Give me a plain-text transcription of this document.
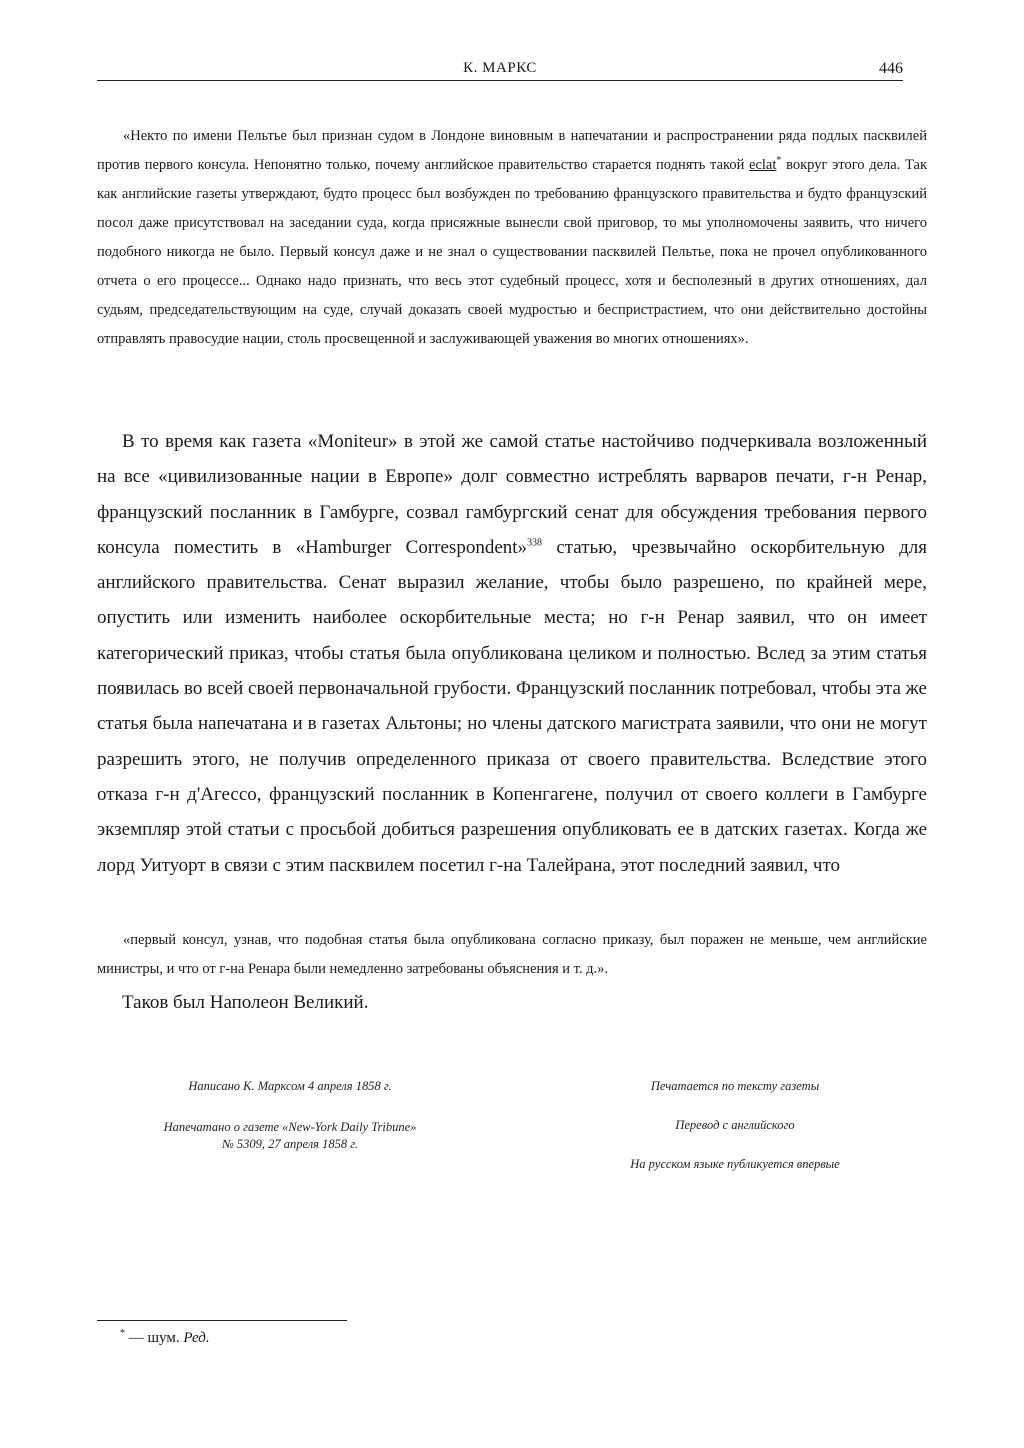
К. МАРКС	446

«Некто по имени Пельтье был признан судом в Лондоне виновным в напечатании и распространении ряда подлых пасквилей против первого консула. Непонятно только, почему английское правительство старается поднять такой eclat* вокруг этого дела. Так как английские газеты утверждают, будто процесс был возбужден по требованию французского правительства и будто французский посол даже присутствовал на заседании суда, когда присяжные вынесли свой приговор, то мы уполномочены заявить, что ничего подобного никогда не было. Первый консул даже и не знал о существовании пасквилей Пельтье, пока не прочел опубликованного отчета о его процессе... Однако надо признать, что весь этот судебный процесс, хотя и бесполезный в других отношениях, дал судьям, председательствующим на суде, случай доказать своей мудростью и беспристрастием, что они действительно достойны отправлять правосудие нации, столь просвещенной и заслуживающей уважения во многих отношениях».

В то время как газета «Moniteur» в этой же самой статье настойчиво подчеркивала возложенный на все «цивилизованные нации в Европе» долг совместно истреблять варваров печати, г-н Ренар, французский посланник в Гамбурге, созвал гамбургский сенат для обсуждения требования первого консула поместить в «Hamburger Correspondent»$^{338}$ статью, чрезвычайно оскорбительную для английского правительства. Сенат выразил желание, чтобы было разрешено, по крайней мере, опустить или изменить наиболее оскорбительные места; но г-н Ренар заявил, что он имеет категорический приказ, чтобы статья была опубликована целиком и полностью. Вслед за этим статья появилась во всей своей первоначальной грубости. Французский посланник потребовал, чтобы эта же статья была напечатана и в газетах Альтоны; но члены датского магистрата заявили, что они не могут разрешить этого, не получив определенного приказа от своего правительства. Вследствие этого отказа г-н д'Агессо, французский посланник в Копенгагене, получил от своего коллеги в Гамбурге экземпляр этой статьи с просьбой добиться разрешения опубликовать ее в датских газетах. Когда же лорд Уитуорт в связи с этим пасквилем посетил г-на Талейрана, этот последний заявил, что

«первый консул, узнав, что подобная статья была опубликована согласно приказу, был поражен не меньше, чем английские министры, и что от г-на Ренара были немедленно затребованы объяснения и т. д.».

Таков был Наполеон Великий.
Написано К. Марксом 4 апреля 1858 г.
Напечатано о газете «New-York Daily Tribune»
№ 5309, 27 апреля 1858 г.
Печатается по тексту газеты
Перевод с английского
На русском языке публикуется впервые
* — шум. Ред.
